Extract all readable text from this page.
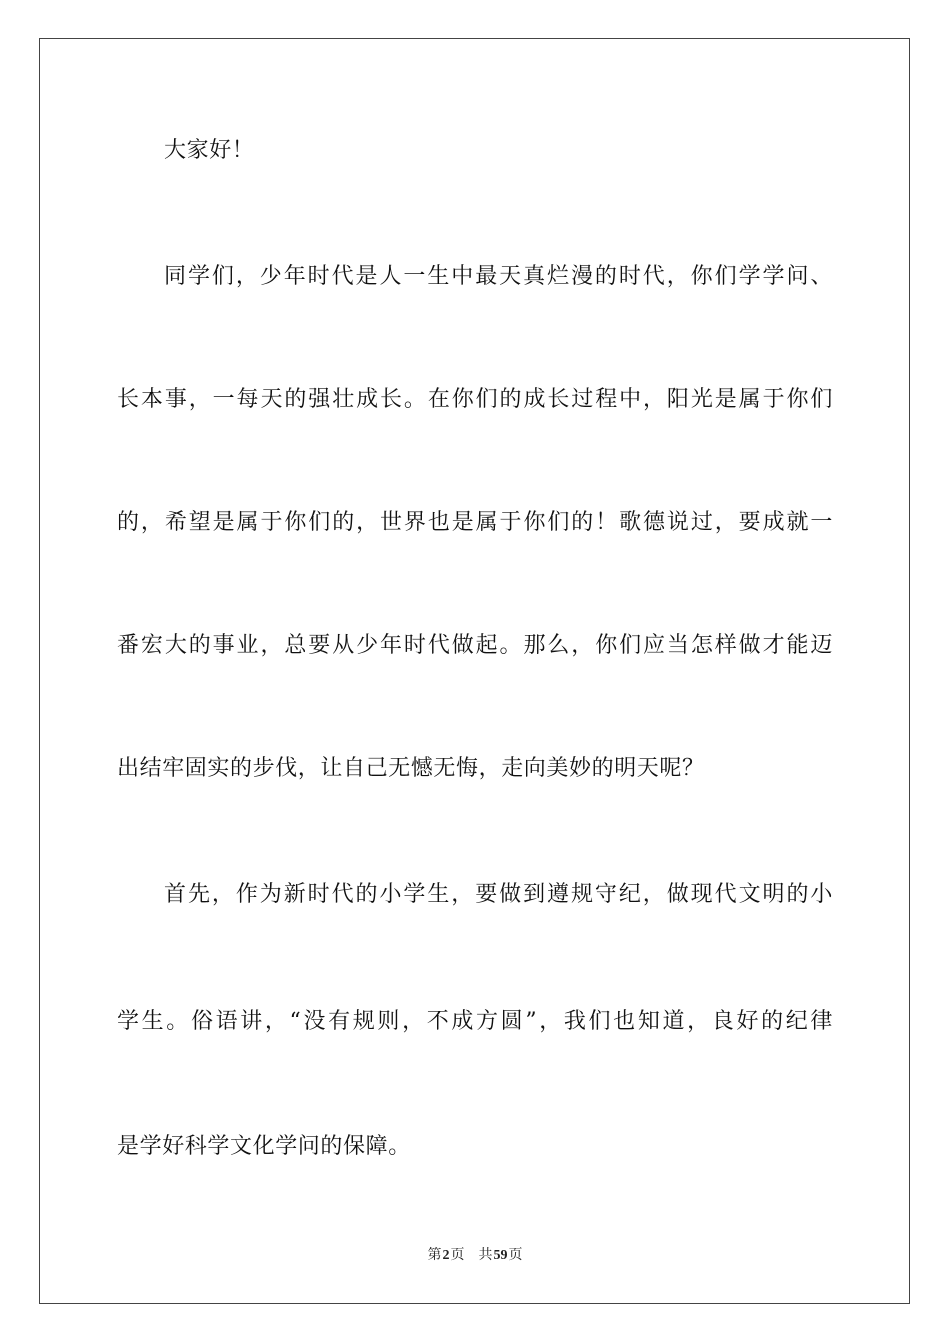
大家好！
同学们，少年时代是人一生中最天真烂漫的时代，你们学学问、
长本事，一每天的强壮成长。在你们的成长过程中，阳光是属于你们
的，希望是属于你们的，世界也是属于你们的！歌德说过，要成就一
番宏大的事业，总要从少年时代做起。那么，你们应当怎样做才能迈
出结牢固实的步伐，让自己无憾无悔，走向美妙的明天呢？
首先，作为新时代的小学生，要做到遵规守纪，做现代文明的小
学生。俗语讲，“没有规则，不成方圆”，我们也知道，良好的纪律
是学好科学文化学问的保障。
第2页 共59页
